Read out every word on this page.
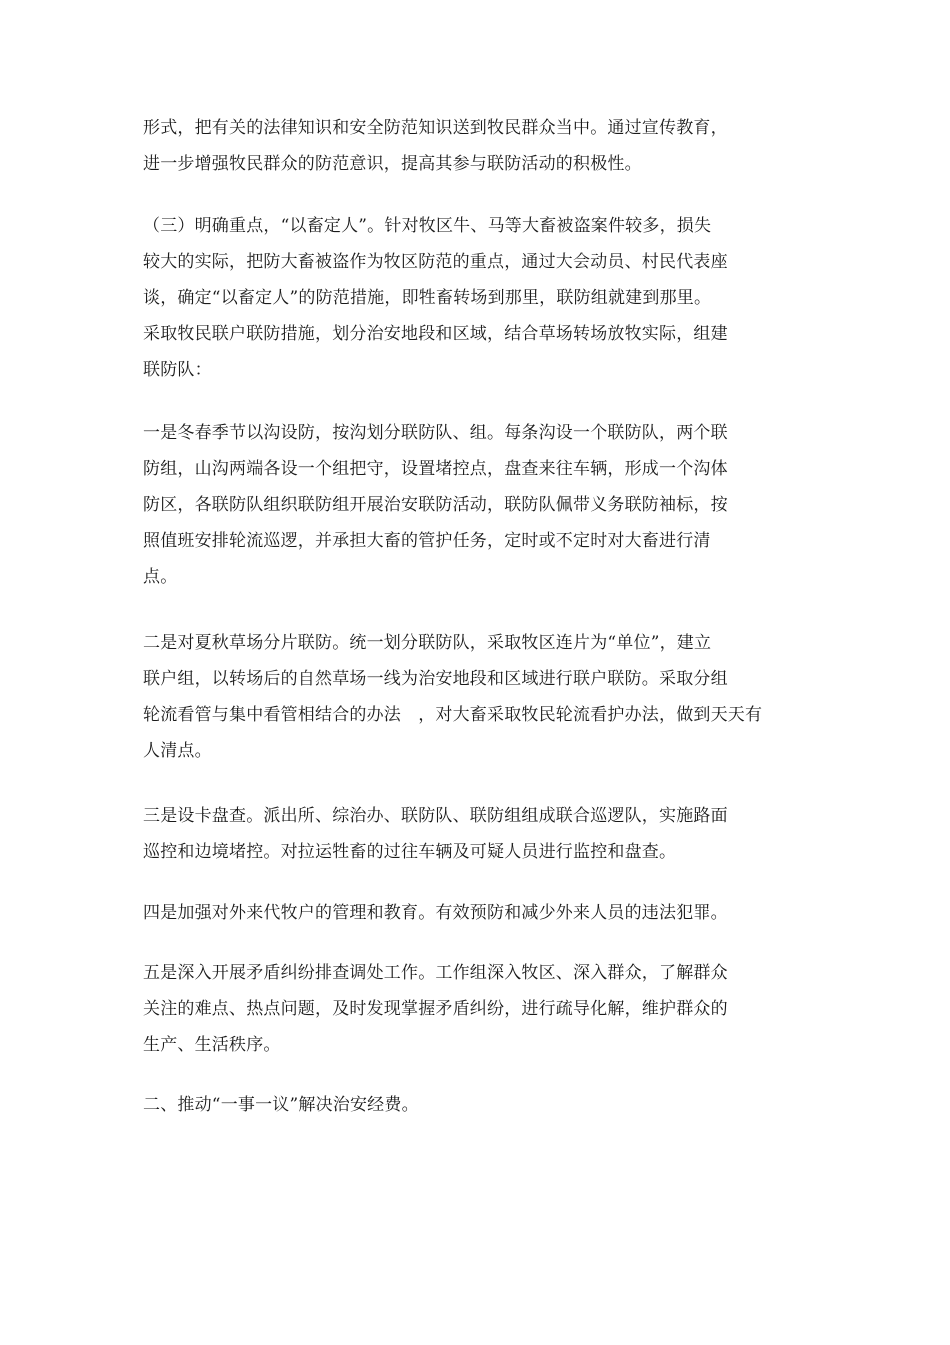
形式，把有关的法律知识和安全防范知识送到牧民群众当中。通过宣传教育，
进一步增强牧民群众的防范意识，提高其参与联防活动的积极性。
（三）明确重点，“以畜定人”。针对牧区牛、马等大畜被盗案件较多，损失
较大的实际，把防大畜被盗作为牧区防范的重点，通过大会动员、村民代表座
谈，确定“以畜定人”的防范措施，即牲畜转场到那里，联防组就建到那里。
采取牧民联户联防措施，划分治安地段和区域，结合草场转场放牧实际，组建
联防队：
一是冬春季节以沟设防，按沟划分联防队、组。每条沟设一个联防队，两个联
防组，山沟两端各设一个组把守，设置堵控点，盘查来往车辆，形成一个沟体
防区，各联防队组织联防组开展治安联防活动，联防队佩带义务联防袖标，按
照值班安排轮流巡逻，并承担大畜的管护任务，定时或不定时对大畜进行清
点。
二是对夏秋草场分片联防。统一划分联防队，采取牧区连片为“单位”，建立
联户组，以转场后的自然草场一线为治安地段和区域进行联户联防。采取分组
轮流看管与集中看管相结合的办法　，对大畜采取牧民轮流看护办法，做到天天有
人清点。
三是设卡盘查。派出所、综治办、联防队、联防组组成联合巡逻队，实施路面
巡控和边境堵控。对拉运牲畜的过往车辆及可疑人员进行监控和盘查。
四是加强对外来代牧户的管理和教育。有效预防和减少外来人员的违法犯罪。
五是深入开展矛盾纠纷排查调处工作。工作组深入牧区、深入群众，了解群众
关注的难点、热点问题，及时发现掌握矛盾纠纷，进行疏导化解，维护群众的
生产、生活秩序。
二、推动“一事一议”解决治安经费。
